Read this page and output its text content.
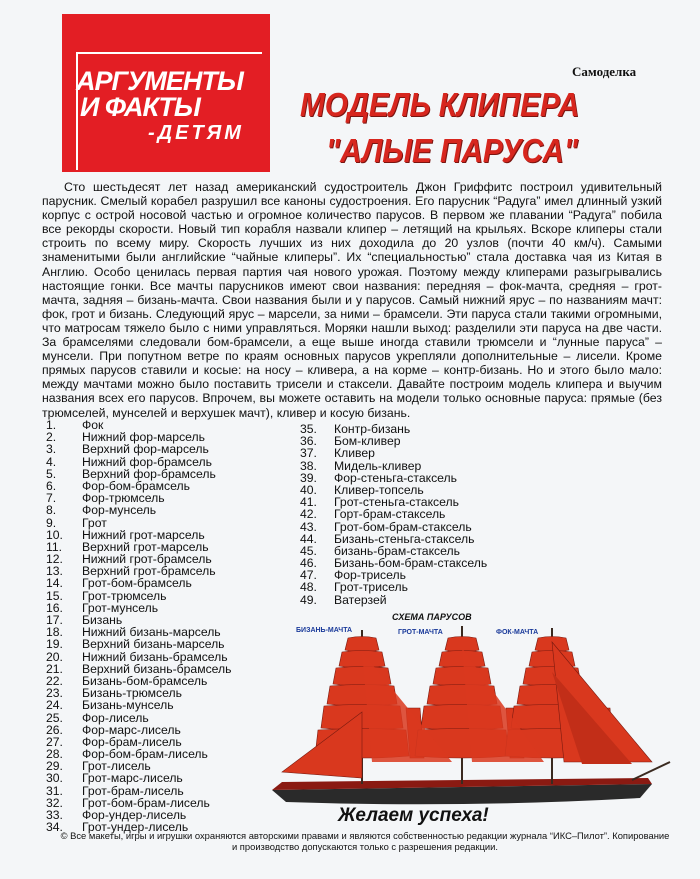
АРГУМЕНТЫ
И ФАКТЫ
-ДЕТЯМ
Самоделка
МОДЕЛЬ КЛИПЕРА
"АЛЫЕ ПАРУСА"

Сто шестьдесят лет назад американский судостроитель Джон Гриффитс построил удивительный парусник. Смелый корабел разрушил все каноны судостроения. Его парусник “Радуга” имел длинный узкий корпус с острой носовой частью и огромное количество парусов. В первом же плавании “Радуга” побила все рекорды скорости. Новый тип корабля назвали клипер – летящий на крыльях. Вскоре клиперы стали строить по всему миру. Скорость лучших из них доходила до 20 узлов (почти 40 км/ч). Самыми знаменитыми были английские “чайные клиперы”. Их “специальностью” стала доставка чая из Китая в Англию. Особо ценилась первая партия чая нового урожая. Поэтому между клиперами разыгрывались настоящие гонки. Все мачты парусников имеют свои названия: передняя – фок-мачта, средняя – грот-мачта, задняя – бизань-мачта. Свои названия были и у парусов. Самый нижний ярус – по названиям мачт: фок, грот и бизань. Следующий ярус – марсели, за ними – брамсели. Эти паруса стали такими огромными, что матросам тяжело было с ними управляться. Моряки нашли выход: разделили эти паруса на две части. За брамселями следовали бом-брамсели, а еще выше иногда ставили трюмсели и “лунные паруса” – мунсели. При попутном ветре по краям основных парусов укрепляли дополнительные – лисели. Кроме прямых парусов ставили и косые: на носу – кливера, а на корме – контр-бизань. Но и этого было мало: между мачтами можно было поставить трисели и стаксели. Давайте построим модель клипера и выучим названия всех его парусов. Впрочем, вы можете оставить на модели только основные паруса: прямые (без трюмселей, мунселей и верхушек мачт), кливер и косую бизань.

1. Фок
2. Нижний фор-марсель
3. Верхний фор-марсель
4. Нижний фор-брамсель
5. Верхний фор-брамсель
6. Фор-бом-брамсель
7. Фор-трюмсель
8. Фор-мунсель
9. Грот
10. Нижний грот-марсель
11. Верхний грот-марсель
12. Нижний грот-брамсель
13. Верхний грот-брамсель
14. Грот-бом-брамсель
15. Грот-трюмсель
16. Грот-мунсель
17. Бизань
18. Нижний бизань-марсель
19. Верхний бизань-марсель
20. Нижний бизань-брамсель
21. Верхний бизань-брамсель
22. Бизань-бом-брамсель
23. Бизань-трюмсель
24. Бизань-мунсель
25. Фор-лисель
26. Фор-марс-лисель
27. Фор-брам-лисель
28. Фор-бом-брам-лисель
29. Грот-лисель
30. Грот-марс-лисель
31. Грот-брам-лисель
32. Грот-бом-брам-лисель
33. Фор-ундер-лисель
34. Грот-ундер-лисель
35. Контр-бизань
36. Бом-кливер
37. Кливер
38. Мидель-кливер
39. Фор-стеньга-стаксель
40. Кливер-топсель
41. Грот-стеньга-стаксель
42. Горт-брам-стаксель
43. Грот-бом-брам-стаксель
44. Бизань-стеньга-стаксель
45. бизань-брам-стаксель
46. Бизань-бом-брам-стаксель
47. Фор-трисель
48. Грот-трисель
49. Ватерзей
СХЕМА ПАРУСОВ
БИЗАНЬ-МАЧТА	ГРОТ-МАЧТА	ФОК-МАЧТА
Желаем успеха!

© Все макеты, игры и игрушки охраняются авторскими правами и являются собственностью редакции журнала “ИКС–Пилот”. Копирование и производство допускаются только с разрешения редакции.
